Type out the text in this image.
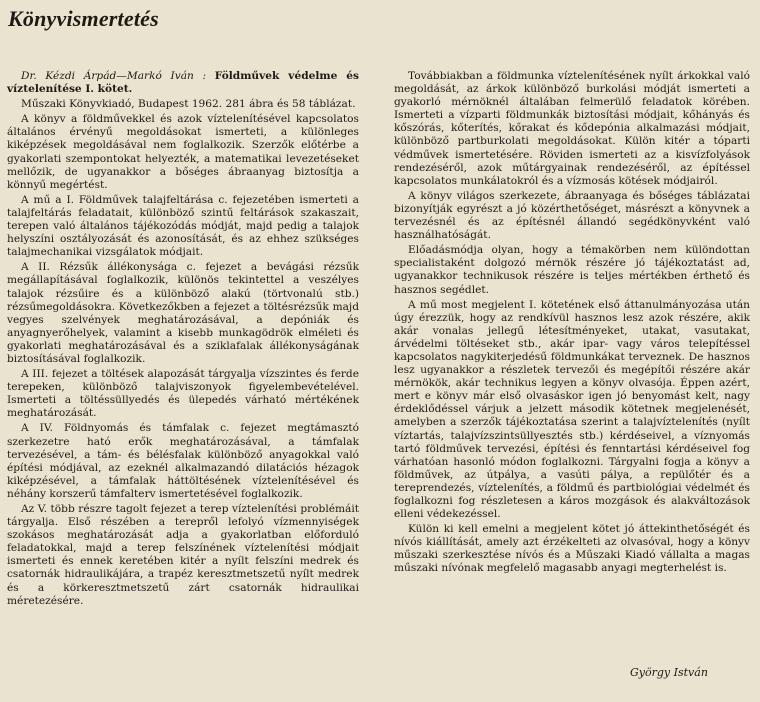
Könyvismertetés

Dr. Kézdi Árpád—Markó Iván : Földművek védelme és víztelenítése I. kötet.

Műszaki Könyvkiadó, Budapest 1962. 281 ábra és 58 táblázat.

A könyv a földművekkel és azok víztelenítésével kapcsolatos általános érvényű megoldásokat ismerteti, a különleges kiképzések megoldásával nem foglalkozik. Szerzők előtérbe a gyakorlati szempontokat helyezték, a matematikai levezetéseket mellőzik, de ugyanakkor a bőséges ábraanyag biztosítja a könnyű megértést.

A mű a I. Földművek talajfeltárása c. fejezetében ismerteti a talajfeltárás feladatait, különböző szintű feltárások szakaszait, terepen való általános tájékozódás módját, majd pedig a talajok helyszíni osztályozását és azonosítását, és az ehhez szükséges talajmechanikai vizsgálatok módjait.

A II. Rézsűk állékonysága c. fejezet a bevágási rézsűk megállapításával foglalkozik, különös tekintettel a veszélyes talajok rézsűire és a különböző alakú (törtvonalú stb.) rézsűmegoldásokra. Következőkben a fejezet a töltésrézsűk majd vegyes szelvények meghatározásával, a depóniák és anyagnyerőhelyek, valamint a kisebb munkagödrök elméleti és gyakorlati meghatározásával és a sziklafalak állékonyságának biztosításával foglalkozik.

A III. fejezet a töltések alapozását tárgyalja vízszintes és ferde terepeken, különböző talajviszonyok figyelembevételével. Ismerteti a töltéssüllyedés és ülepedés várható mértékének meghatározását.

A IV. Földnyomás és támfalak c. fejezet megtámasztó szerkezetre ható erők meghatározásával, a támfalak tervezésével, a tám- és bélésfalak különböző anyagokkal való építési módjával, az ezeknél alkalmazandó dilatációs hézagok kiképzésével, a támfalak háttöltésének víztelenítésével és néhány korszerű támfalterv ismertetésével foglalkozik.

Az V. több részre tagolt fejezet a terep víztelenítési problémáit tárgyalja. Első részében a terepről lefolyó vízmennyiségek szokásos meghatározását adja a gyakorlatban előforduló feladatokkal, majd a terep felszínének víztelenítési módjait ismerteti és ennek keretében kitér a nyílt felszíni medrek és csatornák hidraulikájára, a trapéz keresztmetszetű nyílt medrek és a körkeresztmetszetű zárt csatornák hidraulikai méretezésére.

Továbbiakban a földmunka víztelenítésének nyílt árkokkal való megoldását, az árkok különböző burkolási módját ismerteti a gyakorló mérnöknél általában felmerülő feladatok körében. Ismerteti a vízparti földmunkák biztosítási módjait, kőhányás és kőszórás, kőterítés, kőrakat és kődepónia alkalmazási módjait, különböző partburkolati megoldásokat. Külön kitér a tóparti védművek ismertetésére. Röviden ismerteti az a kisvízfolyások rendezéséről, azok műtárgyainak rendezéséről, az építéssel kapcsolatos munkálatokról és a vízmosás kötések módjairól.

A könyv világos szerkezete, ábraanyaga és bőséges táblázatai bizonyítják egyrészt a jó közérthetőséget, másrészt a könyvnek a tervezésnél és az építésnél állandó segédkönyvként való használhatóságát.

Előadásmódja olyan, hogy a témakörben nem különdottan specialistaként dolgozó mérnök részére jó tájékoztatást ad, ugyanakkor technikusok részére is teljes mértékben érthető és hasznos segédlet.

A mű most megjelent I. kötetének első áttanulmányozása után úgy érezzük, hogy az rendkívül hasznos lesz azok részére, akik akár vonalas jellegű létesítményeket, utakat, vasutakat, árvédelmi töltéseket stb., akár ipar- vagy város telepítéssel kapcsolatos nagykiterjedésű földmunkákat terveznek. De hasznos lesz ugyanakkor a részletek tervezői és megépítői részére akár mérnökök, akár technikus legyen a könyv olvasója. Éppen azért, mert e könyv már első olvasáskor igen jó benyomást kelt, nagy érdeklődéssel várjuk a jelzett második kötetnek megjelenését, amelyben a szerzők tájékoztatása szerint a talajvíztelenítés (nyílt víztartás, talajvízszintsüllyesztés stb.) kérdéseivel, a víznyomás tartó földművek tervezési, építési és fenntartási kérdéseivel fog várhatóan hasonló módon foglalkozni. Tárgyalni fogja a könyv a földművek, az útpálya, a vasúti pálya, a repülőtér és a tereprendezés, víztelenítés, a földmű és partbiológiai védelmét és foglalkozni fog részletesen a káros mozgások és alakváltozások elleni védekezéssel.

Külön ki kell emelni a megjelent kötet jó áttekinthetőségét és nívós kiállítását, amely azt érzékelteti az olvasóval, hogy a könyv műszaki szerkesztése nívós és a Műszaki Kiadó vállalta a magas műszaki nívónak megfelelő magasabb anyagi megterhelést is.

György István
